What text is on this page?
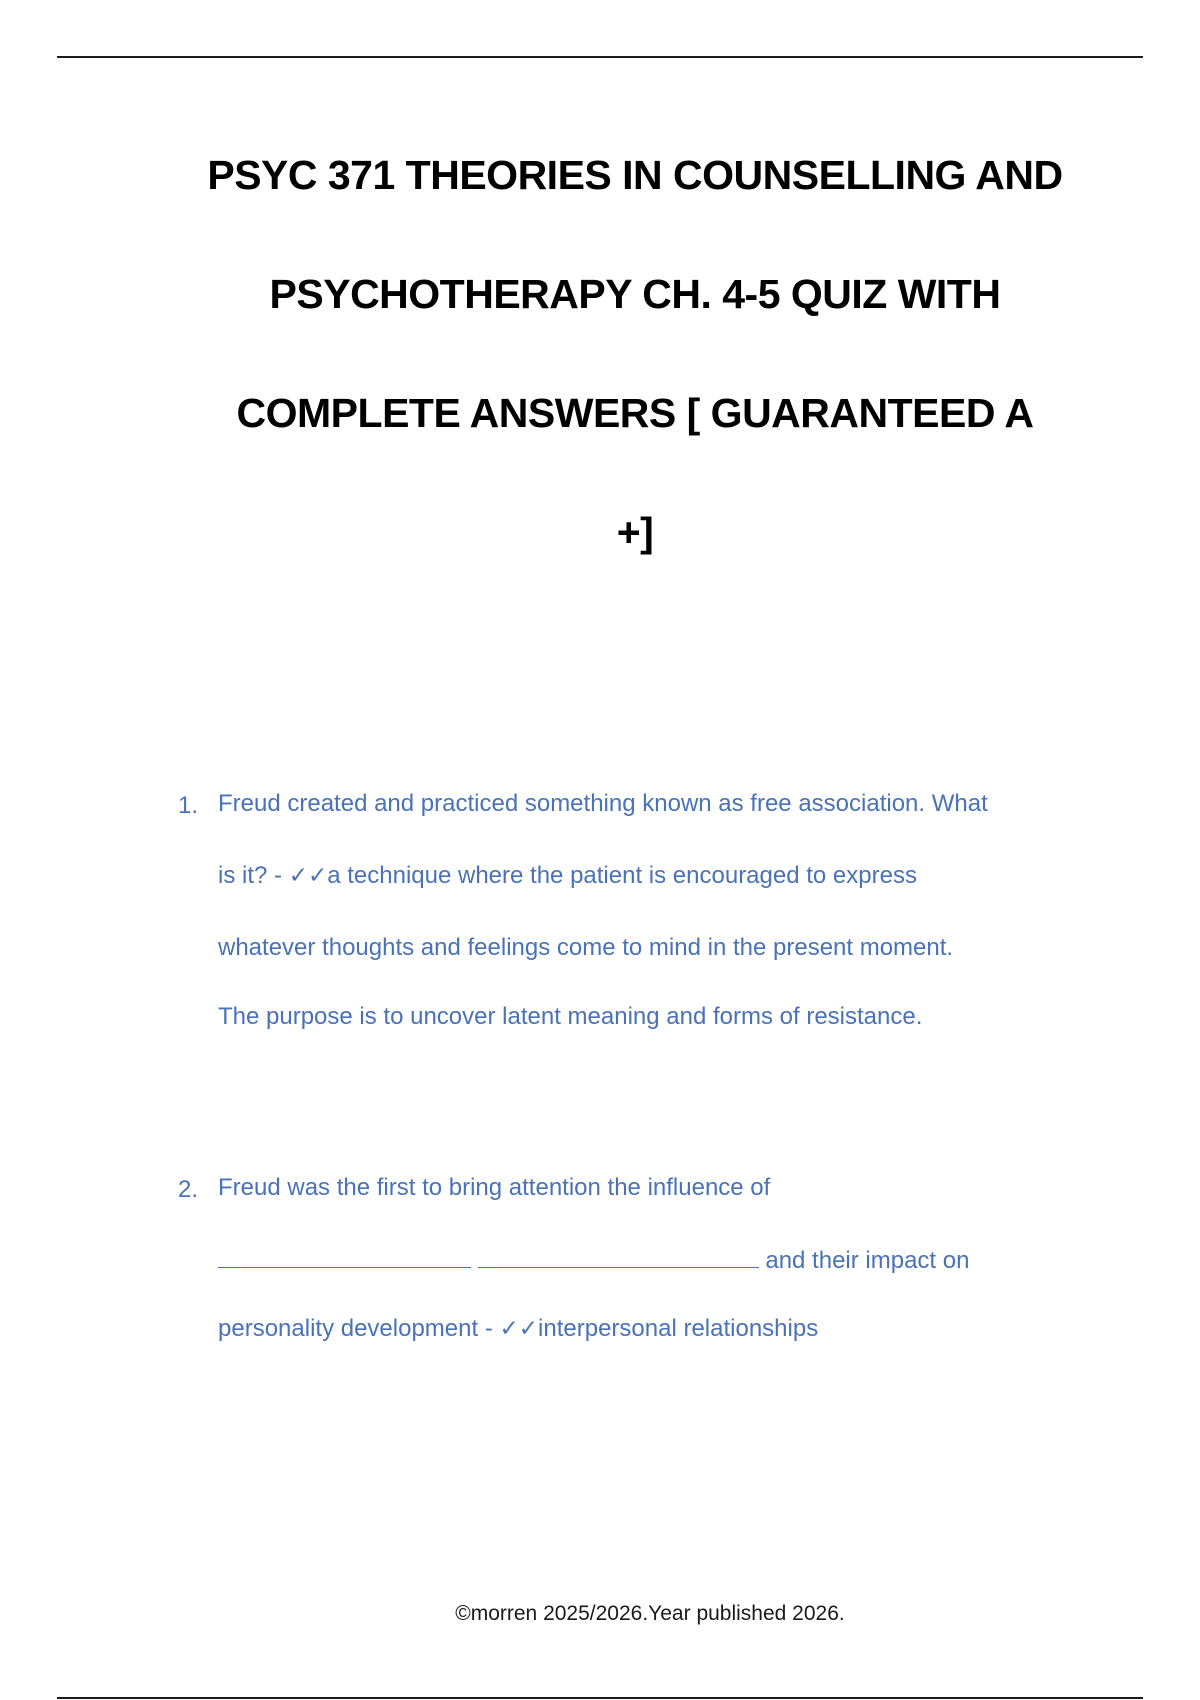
PSYC 371 THEORIES IN COUNSELLING AND
PSYCHOTHERAPY CH. 4-5 QUIZ WITH
COMPLETE ANSWERS [ GUARANTEED A
+]
1. Freud created and practiced something known as free association. What
is it? - ✓✓a technique where the patient is encouraged to express
whatever thoughts and feelings come to mind in the present moment.
The purpose is to uncover latent meaning and forms of resistance.
2. Freud was the first to bring attention the influence of
and their impact on
personality development - ✓✓interpersonal relationships
©morren 2025/2026.Year published 2026.
